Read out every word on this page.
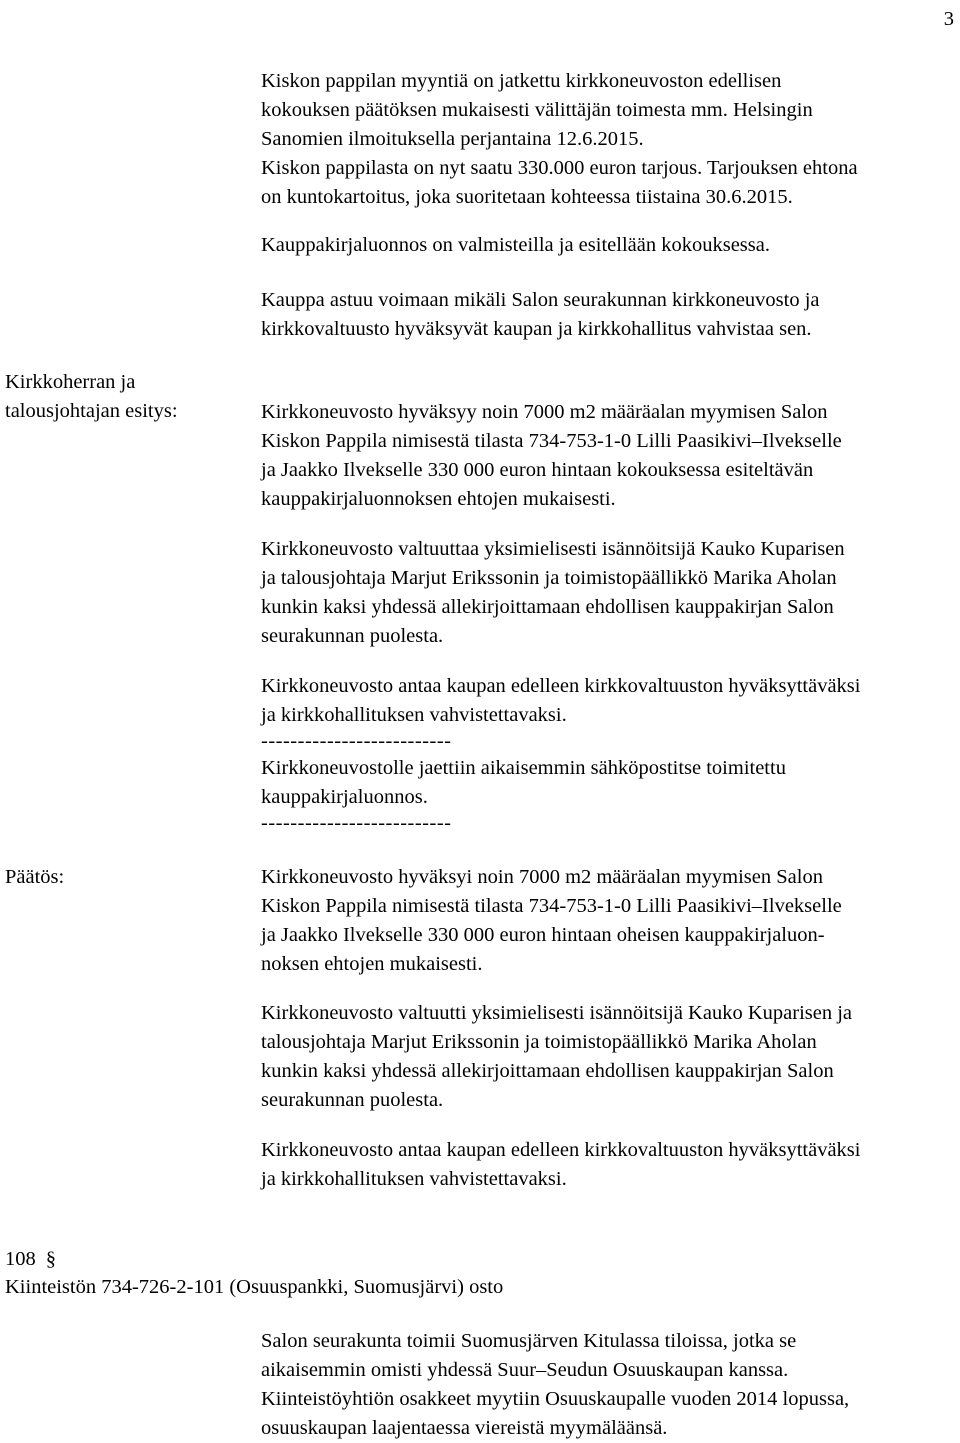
3
Kiskon pappilan myyntiä on jatkettu kirkkoneuvoston edellisen
kokouksen päätöksen mukaisesti välittäjän toimesta mm. Helsingin
Sanomien ilmoituksella perjantaina 12.6.2015.
Kiskon pappilasta on nyt saatu 330.000 euron tarjous. Tarjouksen ehtona
on kuntokartoitus, joka suoritetaan kohteessa tiistaina 30.6.2015.
Kauppakirjaluonnos on valmisteilla ja esitellään kokouksessa.
Kauppa astuu voimaan mikäli Salon seurakunnan kirkkoneuvosto ja
kirkkovaltuusto hyväksyvät kaupan ja kirkkohallitus vahvistaa sen.
Kirkkoherran ja
talousjohtajan esitys:	Kirkkoneuvosto hyväksyy noin 7000 m2 määräalan myymisen Salon
Kiskon Pappila nimisestä tilasta 734-753-1-0 Lilli Paasikivi–Ilvekselle
ja Jaakko Ilvekselle 330 000 euron hintaan kokouksessa esiteltävän
kauppakirjaluonnoksen ehtojen mukaisesti.
Kirkkoneuvosto valtuuttaa yksimielisesti isännöitsijä Kauko Kuparisen
ja talousjohtaja Marjut Erikssonin ja toimistopäällikkö Marika Aholan
kunkin kaksi yhdessä allekirjoittamaan ehdollisen kauppakirjan Salon
seurakunnan puolesta.
Kirkkoneuvosto antaa kaupan edelleen kirkkovaltuuston hyväksyttäväksi
ja kirkkohallituksen vahvistettavaksi.
--------------------------
Kirkkoneuvostolle jaettiin aikaisemmin sähköpostitse toimitettu
kauppakirjaluonnos.
--------------------------
Päätös:	Kirkkoneuvosto hyväksyi noin 7000 m2 määräalan myymisen Salon
Kiskon Pappila nimisestä tilasta 734-753-1-0 Lilli Paasikivi–Ilvekselle
ja Jaakko Ilvekselle 330 000 euron hintaan oheisen kauppakirjaluon-
noksen ehtojen mukaisesti.
Kirkkoneuvosto valtuutti yksimielisesti isännöitsijä Kauko Kuparisen ja
talousjohtaja Marjut Erikssonin ja toimistopäällikkö Marika Aholan
kunkin kaksi yhdessä allekirjoittamaan ehdollisen kauppakirjan Salon
seurakunnan puolesta.
Kirkkoneuvosto antaa kaupan edelleen kirkkovaltuuston hyväksyttäväksi
ja kirkkohallituksen vahvistettavaksi.
108 §
Kiinteistön 734-726-2-101 (Osuuspankki, Suomusjärvi) osto
Salon seurakunta toimii Suomusjärven Kitulassa tiloissa, jotka se
aikaisemmin omisti yhdessä Suur–Seudun Osuuskaupan kanssa.
Kiinteistöyhtiön osakkeet myytiin Osuuskaupalle vuoden 2014 lopussa,
osuuskaupan laajentaessa viereistä myymäläänsä.
